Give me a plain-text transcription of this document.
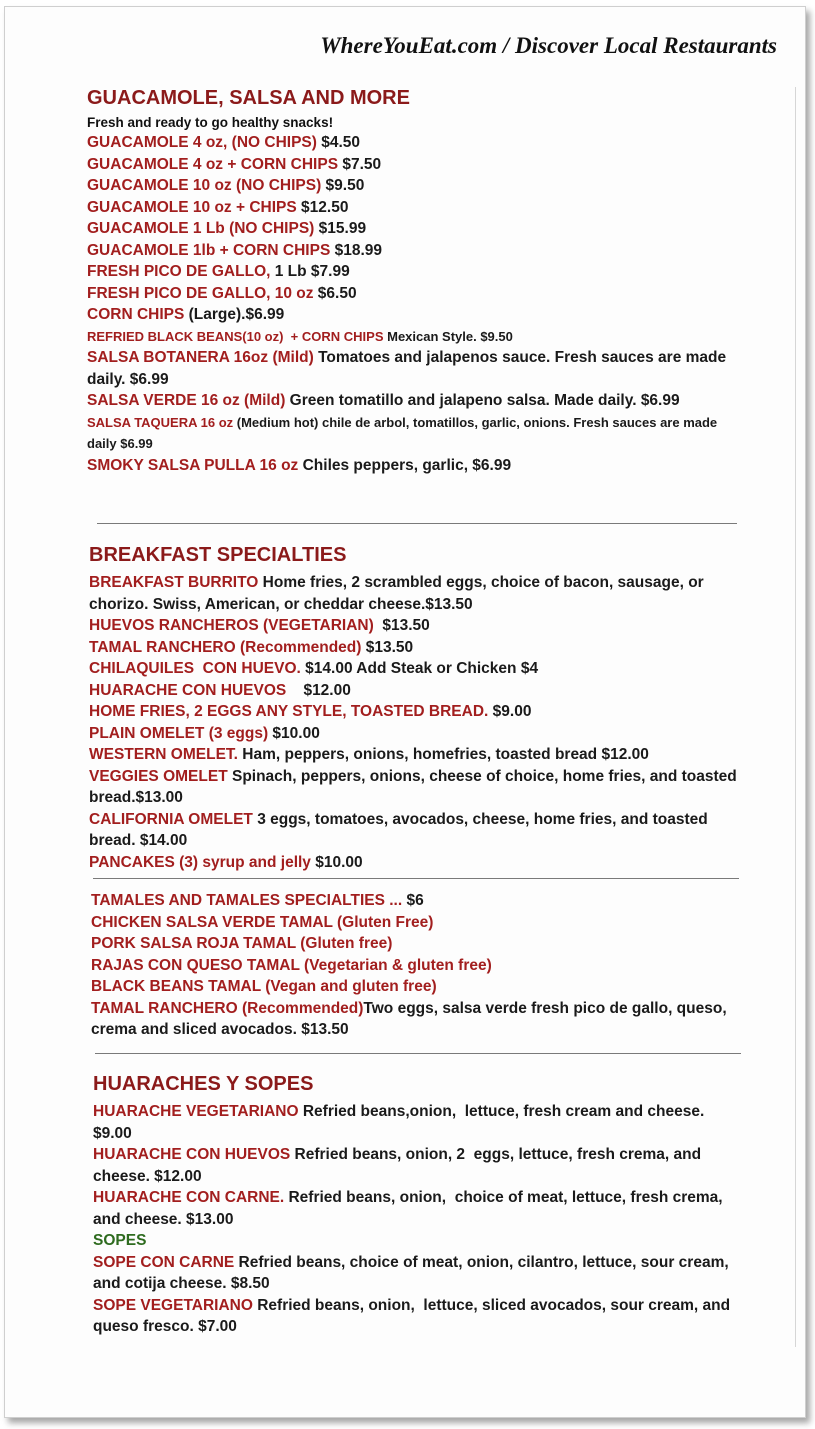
WhereYouEat.com / Discover Local Restaurants
GUACAMOLE, SALSA AND MORE
Fresh and ready to go healthy snacks!
GUACAMOLE 4 oz, (NO CHIPS) $4.50
GUACAMOLE 4 oz + CORN CHIPS $7.50
GUACAMOLE 10 oz (NO CHIPS) $9.50
GUACAMOLE 10 oz + CHIPS $12.50
GUACAMOLE 1 Lb (NO CHIPS) $15.99
GUACAMOLE 1lb + CORN CHIPS $18.99
FRESH PICO DE GALLO, 1 Lb $7.99
FRESH PICO DE GALLO, 10 oz $6.50
CORN CHIPS (Large).$6.99
REFRIED BLACK BEANS(10 oz)  + CORN CHIPS Mexican Style. $9.50
SALSA BOTANERA 16oz (Mild) Tomatoes and jalapenos sauce. Fresh sauces are made daily. $6.99
SALSA VERDE 16 oz (Mild) Green tomatillo and jalapeno salsa. Made daily. $6.99
SALSA TAQUERA 16 oz (Medium hot) chile de arbol, tomatillos, garlic, onions. Fresh sauces are made daily $6.99
SMOKY SALSA PULLA 16 oz Chiles peppers, garlic, $6.99
BREAKFAST SPECIALTIES
BREAKFAST BURRITO Home fries, 2 scrambled eggs, choice of bacon, sausage, or chorizo. Swiss, American, or cheddar cheese.$13.50
HUEVOS RANCHEROS (VEGETARIAN)  $13.50
TAMAL RANCHERO (Recommended) $13.50
CHILAQUILES  CON HUEVO. $14.00 Add Steak or Chicken $4
HUARACHE CON HUEVOS    $12.00
HOME FRIES, 2 EGGS ANY STYLE, TOASTED BREAD. $9.00
PLAIN OMELET (3 eggs) $10.00
WESTERN OMELET. Ham, peppers, onions, homefries, toasted bread $12.00
VEGGIES OMELET Spinach, peppers, onions, cheese of choice, home fries, and toasted bread.$13.00
CALIFORNIA OMELET 3 eggs, tomatoes, avocados, cheese, home fries, and toasted bread. $14.00
PANCAKES (3) syrup and jelly $10.00
TAMALES AND TAMALES SPECIALTIES ... $6
CHICKEN SALSA VERDE TAMAL (Gluten Free)
PORK SALSA ROJA TAMAL (Gluten free)
RAJAS CON QUESO TAMAL (Vegetarian & gluten free)
BLACK BEANS TAMAL (Vegan and gluten free)
TAMAL RANCHERO (Recommended)Two eggs, salsa verde fresh pico de gallo, queso, crema and sliced avocados. $13.50
HUARACHES Y SOPES
HUARACHE VEGETARIANO Refried beans,onion,  lettuce, fresh cream and cheese. $9.00
HUARACHE CON HUEVOS Refried beans, onion, 2  eggs, lettuce, fresh crema, and cheese. $12.00
HUARACHE CON CARNE. Refried beans, onion,  choice of meat, lettuce, fresh crema, and cheese. $13.00
SOPES
SOPE CON CARNE Refried beans, choice of meat, onion, cilantro, lettuce, sour cream, and cotija cheese. $8.50
SOPE VEGETARIANO Refried beans, onion,  lettuce, sliced avocados, sour cream, and queso fresco. $7.00
